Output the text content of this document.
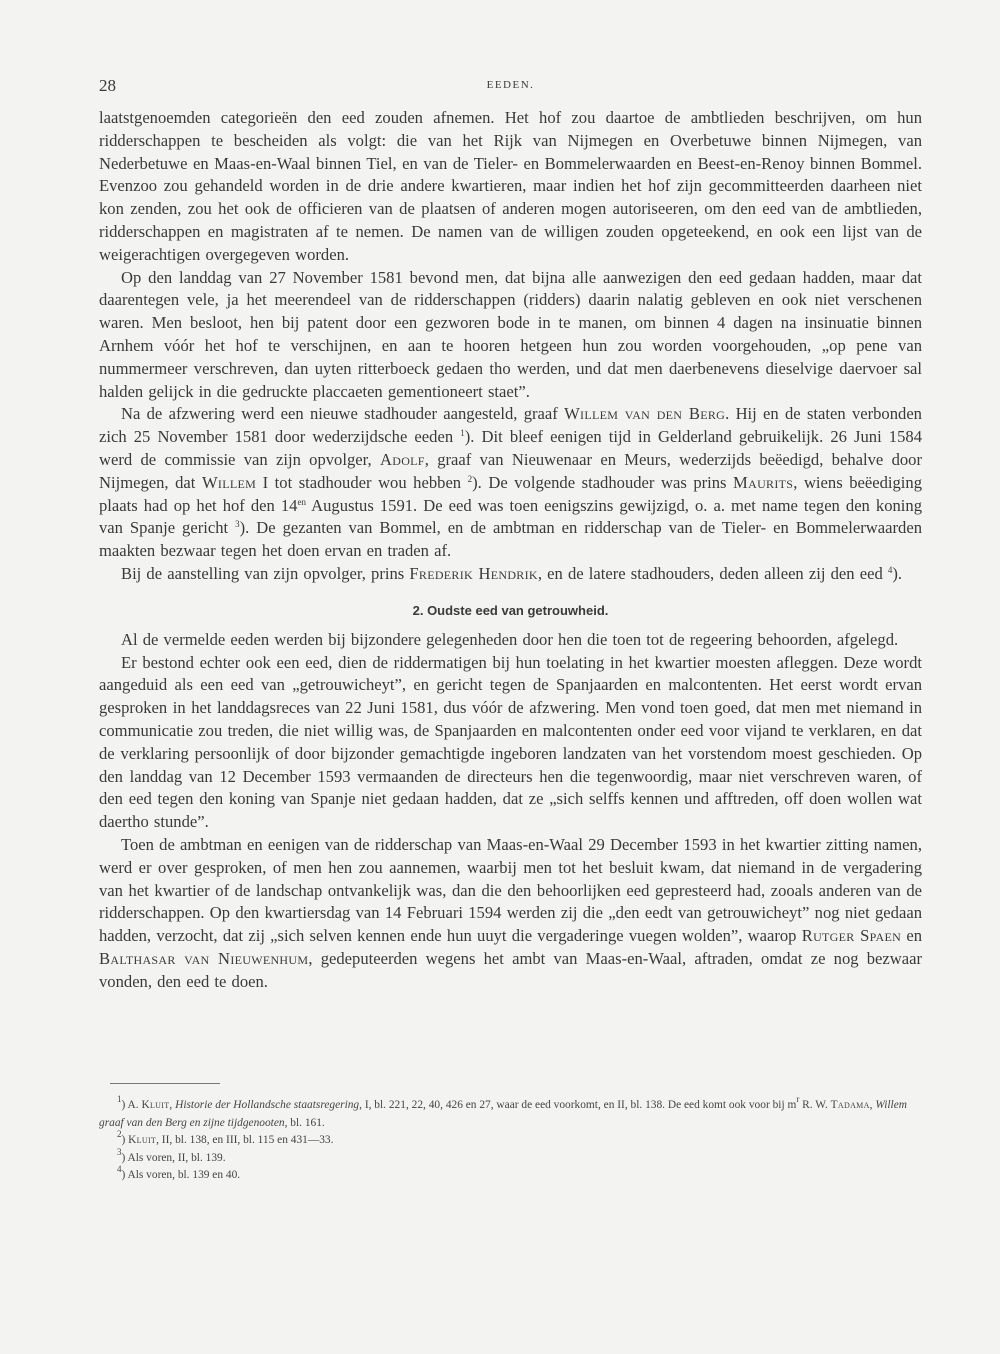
28	EEDEN.

laatstgenoemden categorieën den eed zouden afnemen. Het hof zou daartoe de ambtlieden beschrijven, om hun ridderschappen te bescheiden als volgt: die van het Rijk van Nijmegen en Overbetuwe binnen Nijmegen, van Nederbetuwe en Maas-en-Waal binnen Tiel, en van de Tieler- en Bommelerwaarden en Beest-en-Renoy binnen Bommel. Evenzoo zou gehandeld worden in de drie andere kwartieren, maar indien het hof zijn gecommitteerden daarheen niet kon zenden, zou het ook de officieren van de plaatsen of anderen mogen autoriseeren, om den eed van de ambtlieden, ridderschappen en magistraten af te nemen. De namen van de willigen zouden opgeteekend, en ook een lijst van de weigerachtigen overgegeven worden.

Op den landdag van 27 November 1581 bevond men, dat bijna alle aanwezigen den eed gedaan hadden, maar dat daarentegen vele, ja het meerendeel van de ridderschappen (ridders) daarin nalatig gebleven en ook niet verschenen waren. Men besloot, hen bij patent door een gezworen bode in te manen, om binnen 4 dagen na insinuatie binnen Arnhem vóór het hof te verschijnen, en aan te hooren hetgeen hun zou worden voorgehouden, „op pene van nummermeer verschreven, dan uyten ritterboeck gedaen tho werden, und dat men daerbenevens dieselvige daervoer sal halden gelijck in die gedruckte placcaeten gementioneert staet”.

Na de afzwering werd een nieuwe stadhouder aangesteld, graaf Willem van den Berg. Hij en de staten verbonden zich 25 November 1581 door wederzijdsche eeden $^1$). Dit bleef eenigen tijd in Gelderland gebruikelijk. 26 Juni 1584 werd de commissie van zijn opvolger, Adolf, graaf van Nieuwenaar en Meurs, wederzijds beëedigd, behalve door Nijmegen, dat Willem I tot stadhouder wou hebben $^2$). De volgende stadhouder was prins Maurits, wiens beëediging plaats had op het hof den $14^{en}$ Augustus 1591. De eed was toen eenigszins gewijzigd, o. a. met name tegen den koning van Spanje gericht $^3$). De gezanten van Bommel, en de ambtman en ridderschap van de Tieler- en Bommelerwaarden maakten bezwaar tegen het doen ervan en traden af.

Bij de aanstelling van zijn opvolger, prins Frederik Hendrik, en de latere stadhouders, deden alleen zij den eed $^4$).

2. Oudste eed van getrouwheid.

Al de vermelde eeden werden bij bijzondere gelegenheden door hen die toen tot de regeering behoorden, afgelegd.

Er bestond echter ook een eed, dien de riddermatigen bij hun toelating in het kwartier moesten afleggen. Deze wordt aangeduid als een eed van „getrouwicheyt”, en gericht tegen de Spanjaarden en malcontenten. Het eerst wordt ervan gesproken in het landdagsreces van 22 Juni 1581, dus vóór de afzwering. Men vond toen goed, dat men met niemand in communicatie zou treden, die niet willig was, de Spanjaarden en malcontenten onder eed voor vijand te verklaren, en dat de verklaring persoonlijk of door bijzonder gemachtigde ingeboren landzaten van het vorstendom moest geschieden. Op den landdag van 12 December 1593 vermaanden de directeurs hen die tegenwoordig, maar niet verschreven waren, of den eed tegen den koning van Spanje niet gedaan hadden, dat ze „sich selffs kennen und afftreden, off doen wollen wat daertho stunde”.

Toen de ambtman en eenigen van de ridderschap van Maas-en-Waal 29 December 1593 in het kwartier zitting namen, werd er over gesproken, of men hen zou aannemen, waarbij men tot het besluit kwam, dat niemand in de vergadering van het kwartier of de landschap ontvankelijk was, dan die den behoorlijken eed gepresteerd had, zooals anderen van de ridderschappen. Op den kwartiersdag van 14 Februari 1594 werden zij die „den eedt van getrouwicheyt” nog niet gedaan hadden, verzocht, dat zij „sich selven kennen ende hun uuyt die vergaderinge vuegen wolden”, waarop Rutger Spaen en Balthasar van Nieuwenhum, gedeputeerden wegens het ambt van Maas-en-Waal, aftraden, omdat ze nog bezwaar vonden, den eed te doen.

$^1$) A. Kluit, Historie der Hollandsche staatsregering, I, bl. 221, 22, 40, 426 en 27, waar de eed voorkomt, en II, bl. 138. De eed komt ook voor bij $m^r$ R. W. Tadama, Willem graaf van den Berg en zijne tijdgenooten, bl. 161.

$^2$) Kluit, II, bl. 138, en III, bl. 115 en 431—33.

$^3$) Als voren, II, bl. 139.

$^4$) Als voren, bl. 139 en 40.
